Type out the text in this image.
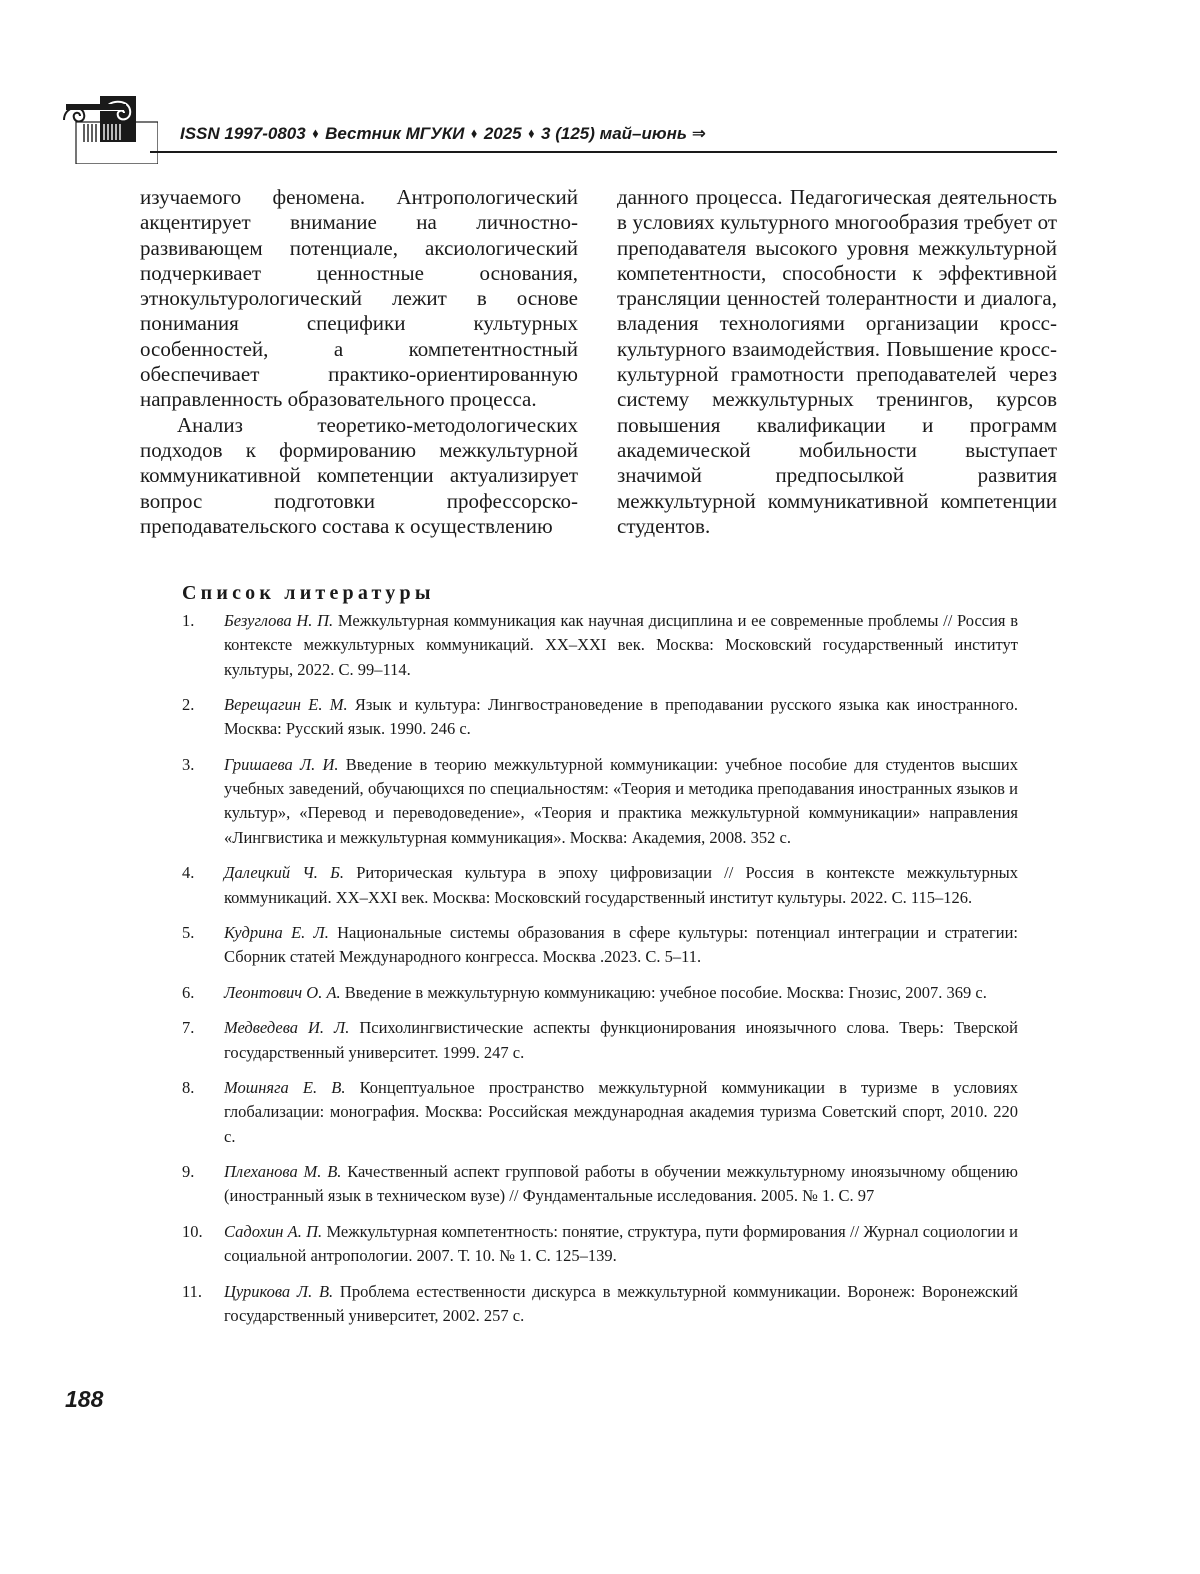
ISSN 1997-0803 ⬧ Вестник МГУКИ ⬧ 2025 ⬧ 3 (125) май–июнь ⇒

изучаемого феномена. Антропологический акцентирует внимание на личностно-развивающем потенциале, аксиологический подчеркивает ценностные основания, этнокультурологический лежит в основе понимания специфики культурных особенностей, а компетентностный обеспечивает практико-ориентированную направленность образовательного процесса.

Анализ теоретико-методологических подходов к формированию межкультурной коммуникативной компетенции актуализирует вопрос подготовки профессорско-преподавательского состава к осуществлению

данного процесса. Педагогическая деятельность в условиях культурного многообразия требует от преподавателя высокого уровня межкультурной компетентности, способности к эффективной трансляции ценностей толерантности и диалога, владения технологиями организации кросс-культурного взаимодействия. Повышение кросс-культурной грамотности преподавателей через систему межкультурных тренингов, курсов повышения квалификации и программ академической мобильности выступает значимой предпосылкой развития межкультурной коммуникативной компетенции студентов.

Список литературы
1. Безуглова Н. П. Межкультурная коммуникация как научная дисциплина и ее современные проблемы // Россия в контексте межкультурных коммуникаций. XX–XXI век. Москва: Московский государственный институт культуры, 2022. С. 99–114.
2. Верещагин Е. М. Язык и культура: Лингвострановедение в преподавании русского языка как иностранного. Москва: Русский язык. 1990. 246 с.
3. Гришаева Л. И. Введение в теорию межкультурной коммуникации: учебное пособие для студентов высших учебных заведений, обучающихся по специальностям: «Теория и методика преподавания иностранных языков и культур», «Перевод и переводоведение», «Теория и практика межкультурной коммуникации» направления «Лингвистика и межкультурная коммуникация». Москва: Академия, 2008. 352 с.
4. Далецкий Ч. Б. Риторическая культура в эпоху цифровизации // Россия в контексте межкультурных коммуникаций. XX–XXI век. Москва: Московский государственный институт культуры. 2022. С. 115–126.
5. Кудрина Е. Л. Национальные системы образования в сфере культуры: потенциал интеграции и стратегии: Сборник статей Международного конгресса. Москва .2023. С. 5–11.
6. Леонтович О. А. Введение в межкультурную коммуникацию: учебное пособие. Москва: Гнозис, 2007. 369 с.
7. Медведева И. Л. Психолингвистические аспекты функционирования иноязычного слова. Тверь: Тверской государственный университет. 1999. 247 с.
8. Мошняга Е. В. Концептуальное пространство межкультурной коммуникации в туризме в условиях глобализации: монография. Москва: Российская международная академия туризма Советский спорт, 2010. 220 с.
9. Плеханова М. В. Качественный аспект групповой работы в обучении межкультурному иноязычному общению (иностранный язык в техническом вузе) // Фундаментальные исследования. 2005. № 1. С. 97
10. Садохин А. П. Межкультурная компетентность: понятие, структура, пути формирования // Журнал социологии и социальной антропологии. 2007. Т. 10. № 1. С. 125–139.
11. Цурикова Л. В. Проблема естественности дискурса в межкультурной коммуникации. Воронеж: Воронежский государственный университет, 2002. 257 с.
188
